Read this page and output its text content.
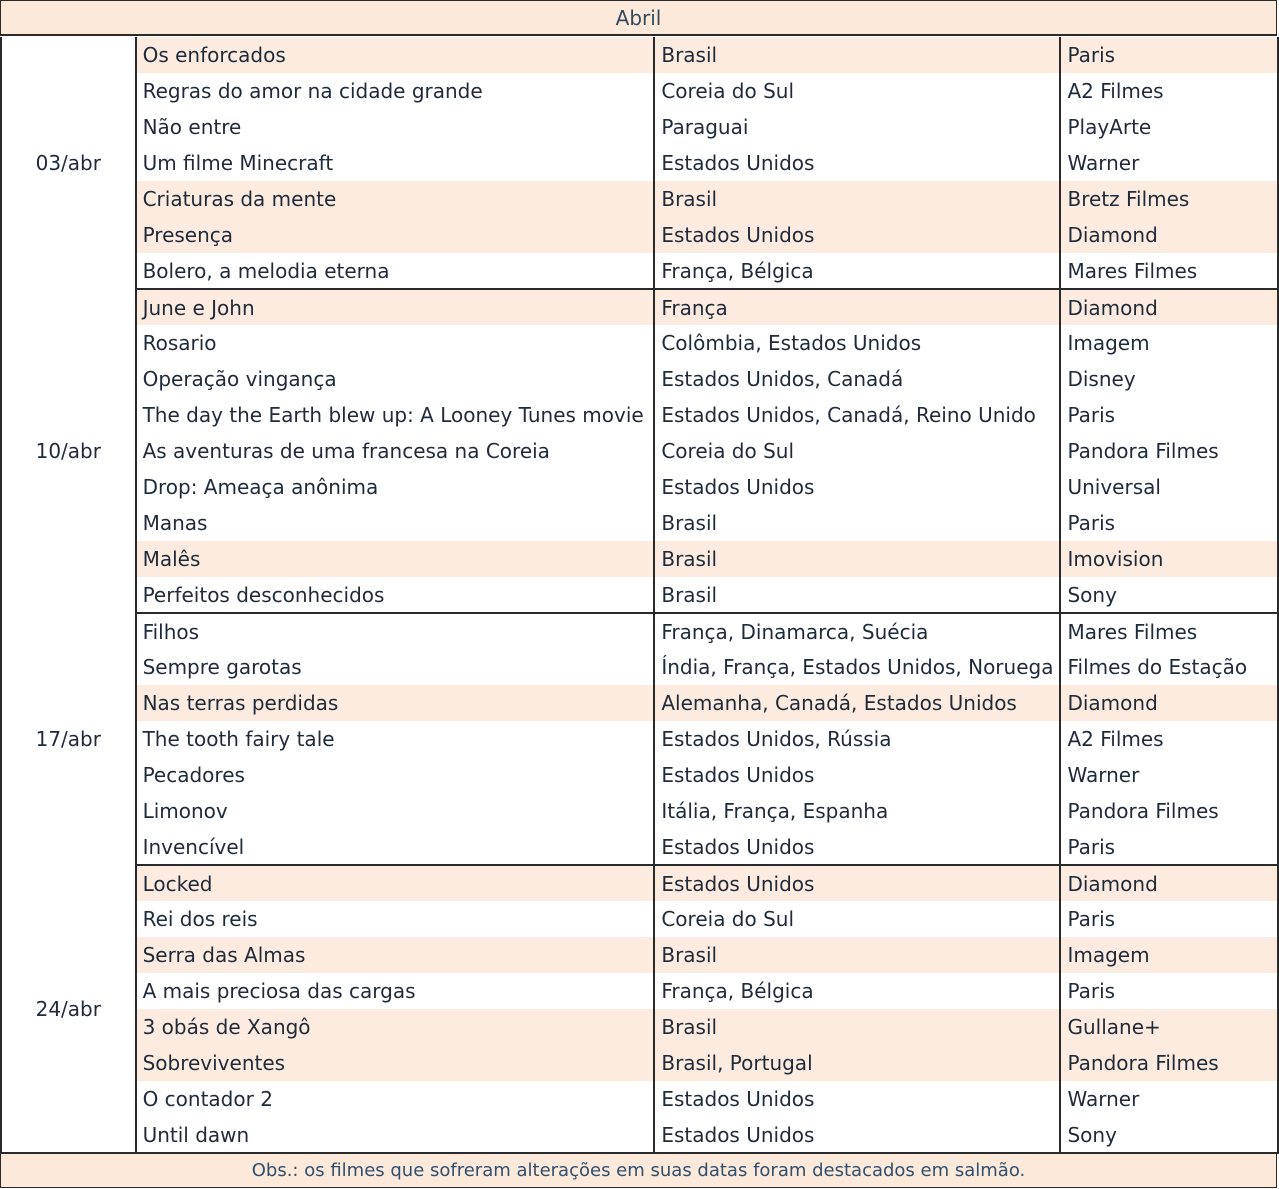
Abril
03/abr	Os enforcados	Brasil	Paris
	Regras do amor na cidade grande	Coreia do Sul	A2 Filmes
	Não entre	Paraguai	PlayArte
	Um filme Minecraft	Estados Unidos	Warner
	Criaturas da mente	Brasil	Bretz Filmes
	Presença	Estados Unidos	Diamond
	Bolero, a melodia eterna	França, Bélgica	Mares Filmes
10/abr	June e John	França	Diamond
	Rosario	Colômbia, Estados Unidos	Imagem
	Operação vingança	Estados Unidos, Canadá	Disney
	The day the Earth blew up: A Looney Tunes movie	Estados Unidos, Canadá, Reino Unido	Paris
	As aventuras de uma francesa na Coreia	Coreia do Sul	Pandora Filmes
	Drop: Ameaça anônima	Estados Unidos	Universal
	Manas	Brasil	Paris
	Malês	Brasil	Imovision
	Perfeitos desconhecidos	Brasil	Sony
17/abr	Filhos	França, Dinamarca, Suécia	Mares Filmes
	Sempre garotas	Índia, França, Estados Unidos, Noruega	Filmes do Estação
	Nas terras perdidas	Alemanha, Canadá, Estados Unidos	Diamond
	The tooth fairy tale	Estados Unidos, Rússia	A2 Filmes
	Pecadores	Estados Unidos	Warner
	Limonov	Itália, França, Espanha	Pandora Filmes
	Invencível	Estados Unidos	Paris
24/abr	Locked	Estados Unidos	Diamond
	Rei dos reis	Coreia do Sul	Paris
	Serra das Almas	Brasil	Imagem
	A mais preciosa das cargas	França, Bélgica	Paris
	3 obás de Xangô	Brasil	Gullane+
	Sobreviventes	Brasil, Portugal	Pandora Filmes
	O contador 2	Estados Unidos	Warner
	Until dawn	Estados Unidos	Sony
Obs.: os filmes que sofreram alterações em suas datas foram destacados em salmão.
